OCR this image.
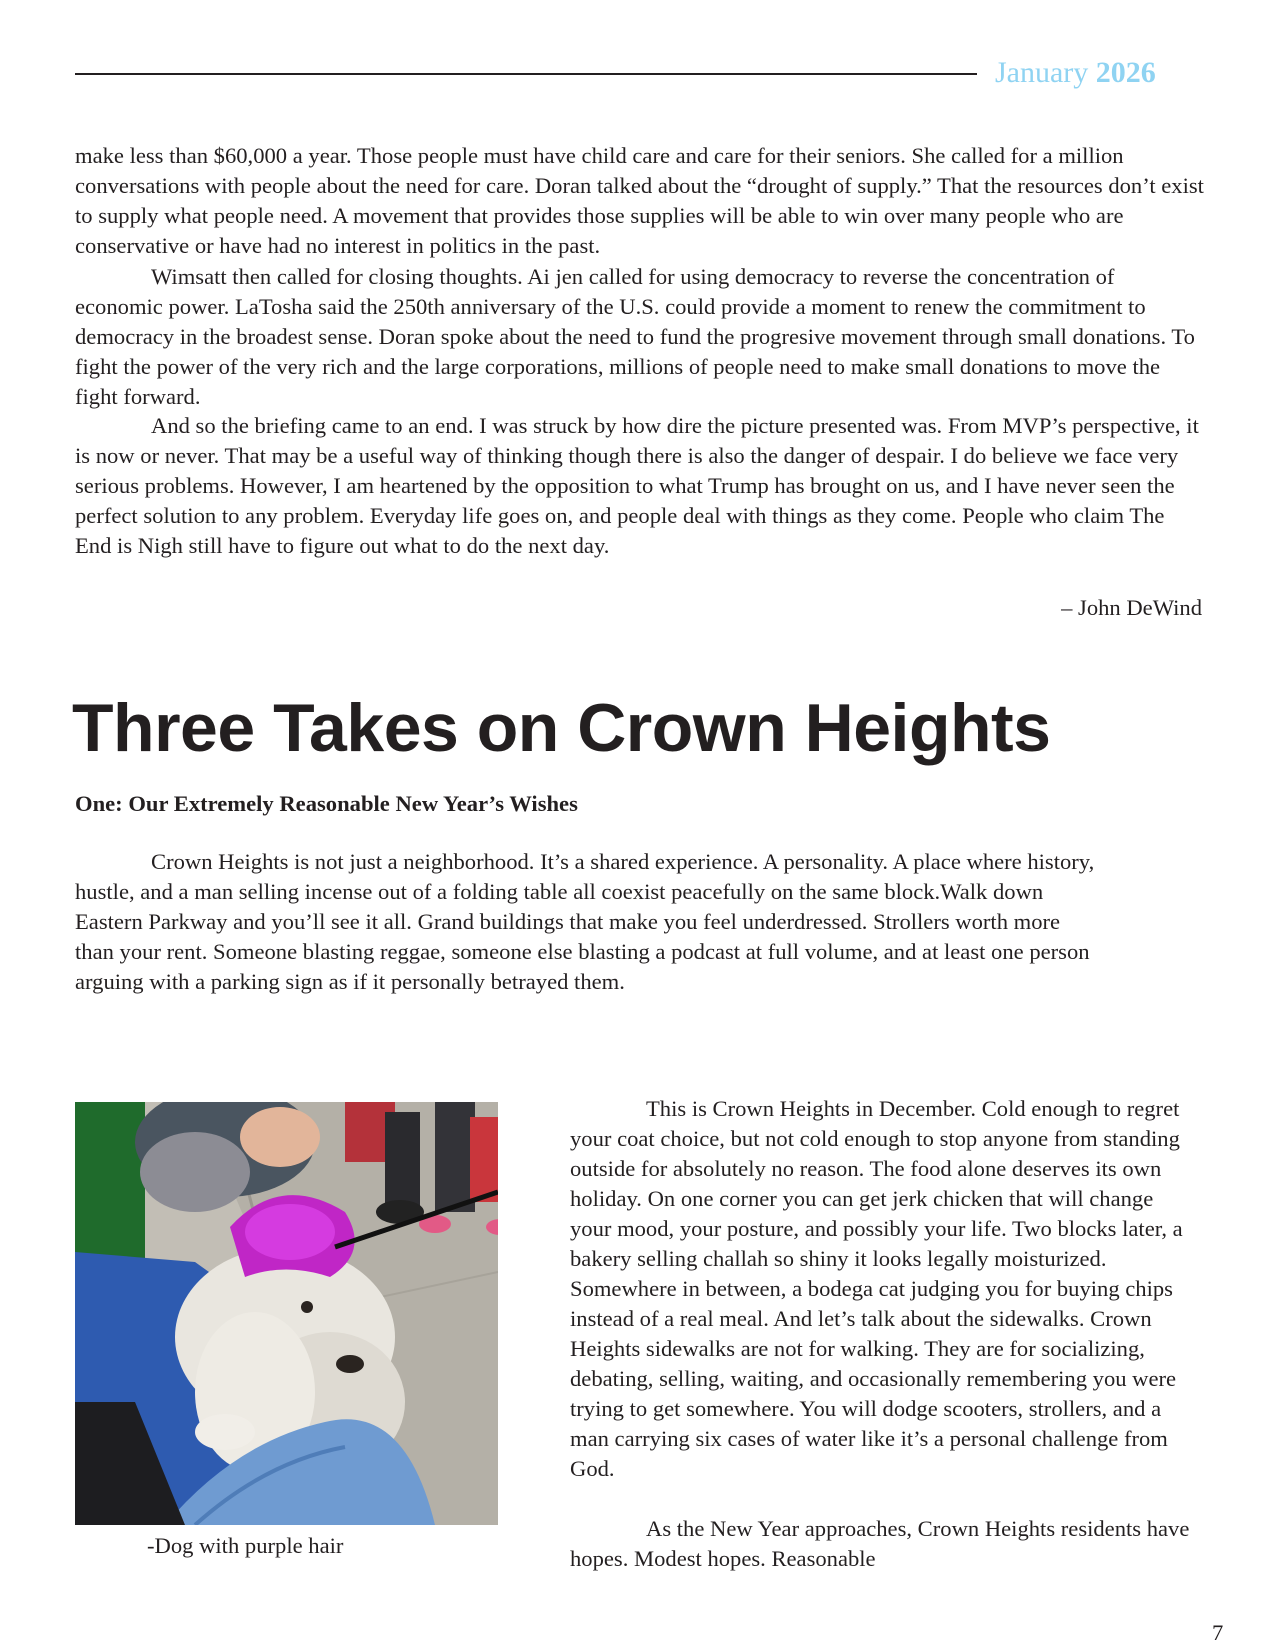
January 2026

make less than $60,000 a year. Those people must have child care and care for their seniors. She called for a million conversations with people about the need for care. Doran talked about the “drought of supply.” That the resources don’t exist to supply what people need. A movement that provides those supplies will be able to win over many people who are conservative or have had no interest in politics in the past.

Wimsatt then called for closing thoughts. Ai jen called for using democracy to reverse the concentration of economic power. LaTosha said the 250th anniversary of the U.S. could provide a moment to renew the commitment to democracy in the broadest sense. Doran spoke about the need to fund the progresive movement through small donations. To fight the power of the very rich and the large corporations, millions of people need to make small donations to move the fight forward.

And so the briefing came to an end. I was struck by how dire the picture presented was. From MVP’s perspective, it is now or never. That may be a useful way of thinking though there is also the danger of despair. I do believe we face very serious problems. However, I am heartened by the opposition to what Trump has brought on us, and I have never seen the perfect solution to any problem. Everyday life goes on, and people deal with things as they come. People who claim The End is Nigh still have to figure out what to do the next day.

– John DeWind
Three Takes on Crown Heights
One: Our Extremely Reasonable New Year’s Wishes

Crown Heights is not just a neighborhood. It’s a shared experience. A personality. A place where history, hustle, and a man selling incense out of a folding table all coexist peacefully on the same block.Walk down Eastern Parkway and you’ll see it all. Grand buildings that make you feel underdressed. Strollers worth more than your rent. Someone blasting reggae, someone else blasting a podcast at full volume, and at least one person arguing with a parking sign as if it personally betrayed them.

-Dog with purple hair

This is Crown Heights in December. Cold enough to regret your coat choice, but not cold enough to stop anyone from standing outside for absolutely no reason. The food alone deserves its own holiday. On one corner you can get jerk chicken that will change your mood, your posture, and possibly your life. Two blocks later, a bakery selling challah so shiny it looks legally moisturized. Somewhere in between, a bodega cat judging you for buying chips instead of a real meal. And let’s talk about the sidewalks. Crown Heights sidewalks are not for walking. They are for socializing, debating, selling, waiting, and occasionally remembering you were trying to get somewhere. You will dodge scooters, strollers, and a man carrying six cases of water like it’s a personal challenge from God.

As the New Year approaches, Crown Heights residents have hopes. Modest hopes. Reasonable

7
